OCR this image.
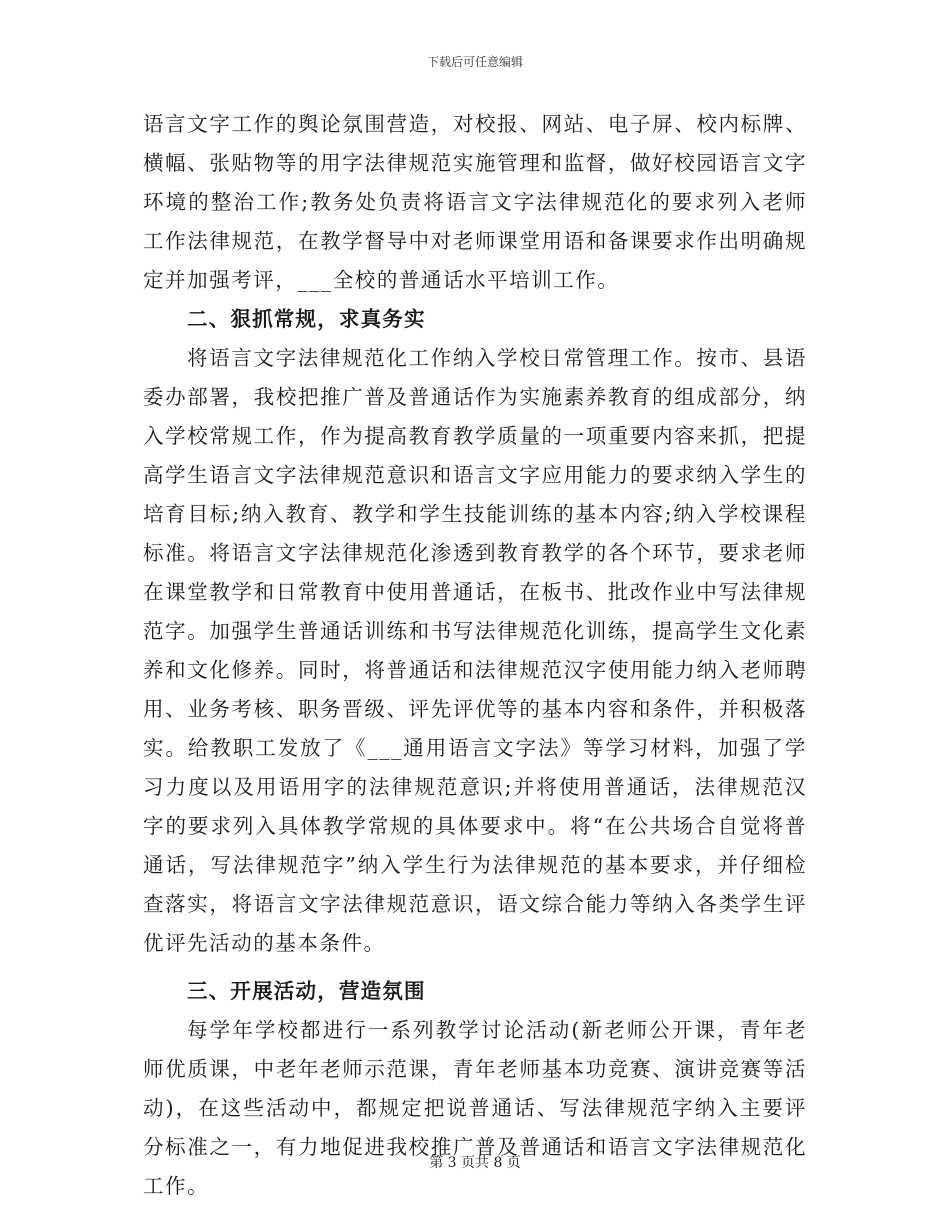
下载后可任意编辑

语言文字工作的舆论氛围营造，对校报、网站、电子屏、校内标牌、横幅、张贴物等的用字法律规范实施管理和监督，做好校园语言文字环境的整治工作;教务处负责将语言文字法律规范化的要求列入老师工作法律规范，在教学督导中对老师课堂用语和备课要求作出明确规定并加强考评，___全校的普通话水平培训工作。

二、狠抓常规，求真务实

将语言文字法律规范化工作纳入学校日常管理工作。按市、县语委办部署，我校把推广普及普通话作为实施素养教育的组成部分，纳入学校常规工作，作为提高教育教学质量的一项重要内容来抓，把提高学生语言文字法律规范意识和语言文字应用能力的要求纳入学生的培育目标;纳入教育、教学和学生技能训练的基本内容;纳入学校课程标准。将语言文字法律规范化渗透到教育教学的各个环节，要求老师在课堂教学和日常教育中使用普通话，在板书、批改作业中写法律规范字。加强学生普通话训练和书写法律规范化训练，提高学生文化素养和文化修养。同时，将普通话和法律规范汉字使用能力纳入老师聘用、业务考核、职务晋级、评先评优等的基本内容和条件，并积极落实。给教职工发放了《___通用语言文字法》等学习材料，加强了学习力度以及用语用字的法律规范意识;并将使用普通话，法律规范汉字的要求列入具体教学常规的具体要求中。将“在公共场合自觉将普通话，写法律规范字”纳入学生行为法律规范的基本要求，并仔细检查落实，将语言文字法律规范意识，语文综合能力等纳入各类学生评优评先活动的基本条件。

三、开展活动，营造氛围

每学年学校都进行一系列教学讨论活动(新老师公开课，青年老师优质课，中老年老师示范课，青年老师基本功竞赛、演讲竞赛等活动)，在这些活动中，都规定把说普通话、写法律规范字纳入主要评分标准之一，有力地促进我校推广普及普通话和语言文字法律规范化工作。

第 3 页共 8 页
